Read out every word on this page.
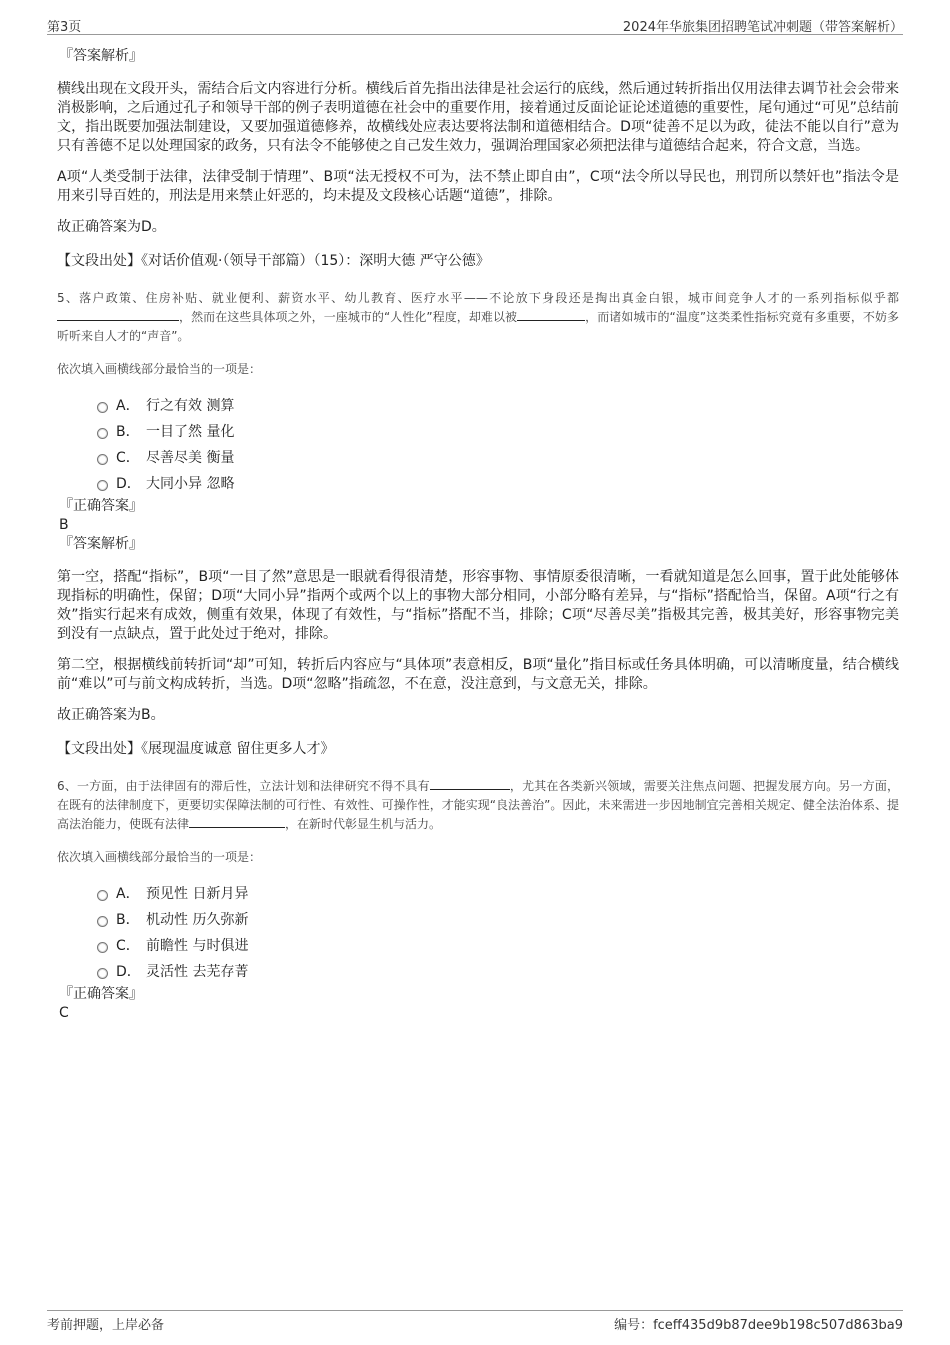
第3页	2024年华旅集团招聘笔试冲刺题（带答案解析）
『答案解析』

横线出现在文段开头，需结合后文内容进行分析。横线后首先指出法律是社会运行的底线，然后通过转折指出仅用法律去调节社会会带来消极影响，之后通过孔子和领导干部的例子表明道德在社会中的重要作用，接着通过反面论证论述道德的重要性，尾句通过“可见”总结前文，指出既要加强法制建设，又要加强道德修养，故横线处应表达要将法制和道德相结合。D项“徒善不足以为政，徒法不能以自行”意为只有善德不足以处理国家的政务，只有法令不能够使之自己发生效力，强调治理国家必须把法律与道德结合起来，符合文意，当选。

A项“人类受制于法律，法律受制于情理”、B项“法无授权不可为，法不禁止即自由”，C项“法令所以导民也，刑罚所以禁奸也”指法令是用来引导百姓的，刑法是用来禁止奸恶的，均未提及文段核心话题“道德”，排除。

故正确答案为D。
【文段出处】《对话价值观·（领导干部篇）（15）：深明大德 严守公德》

5、落户政策、住房补贴、就业便利、薪资水平、幼儿教育、医疗水平——不论放下身段还是掏出真金白银，城市间竞争人才的一系列指标似乎都，然而在这些具体项之外，一座城市的“人性化”程度，却难以被	，而诸如城市的“温度”这类柔性指标究竟有多重要，不妨多听听来自人才的“声音”。

依次填入画横线部分最恰当的一项是：
A． 行之有效 测算
B． 一目了然 量化
C． 尽善尽美 衡量
D． 大同小异 忽略
『正确答案』
B
『答案解析』

第一空，搭配“指标”，B项“一目了然”意思是一眼就看得很清楚，形容事物、事情原委很清晰，一看就知道是怎么回事，置于此处能够体现指标的明确性，保留；D项“大同小异”指两个或两个以上的事物大部分相同，小部分略有差异，与“指标”搭配恰当，保留。A项“行之有效”指实行起来有成效，侧重有效果，体现了有效性，与“指标”搭配不当，排除；C项“尽善尽美”指极其完善，极其美好，形容事物完美到没有一点缺点，置于此处过于绝对，排除。

第二空，根据横线前转折词“却”可知，转折后内容应与“具体项”表意相反，B项“量化”指目标或任务具体明确，可以清晰度量，结合横线前“难以”可与前文构成转折，当选。D项“忽略”指疏忽，不在意，没注意到，与文意无关，排除。

故正确答案为B。
【文段出处】《展现温度诚意 留住更多人才》

6、一方面，由于法律固有的滞后性，立法计划和法律研究不得不具有	，尤其在各类新兴领域，需要关注焦点问题、把握发展方向。另一方面，在既有的法律制度下，更要切实保障法制的可行性、有效性、可操作性，才能实现“良法善治”。因此，未来需进一步因地制宜完善相关规定、健全法治体系、提高法治能力，使既有法律	，在新时代彰显生机与活力。

依次填入画横线部分最恰当的一项是：
A． 预见性 日新月异
B． 机动性 历久弥新
C． 前瞻性 与时俱进
D． 灵活性 去芜存菁
『正确答案』
C
考前押题，上岸必备	编号：fceff435d9b87dee9b198c507d863ba9
